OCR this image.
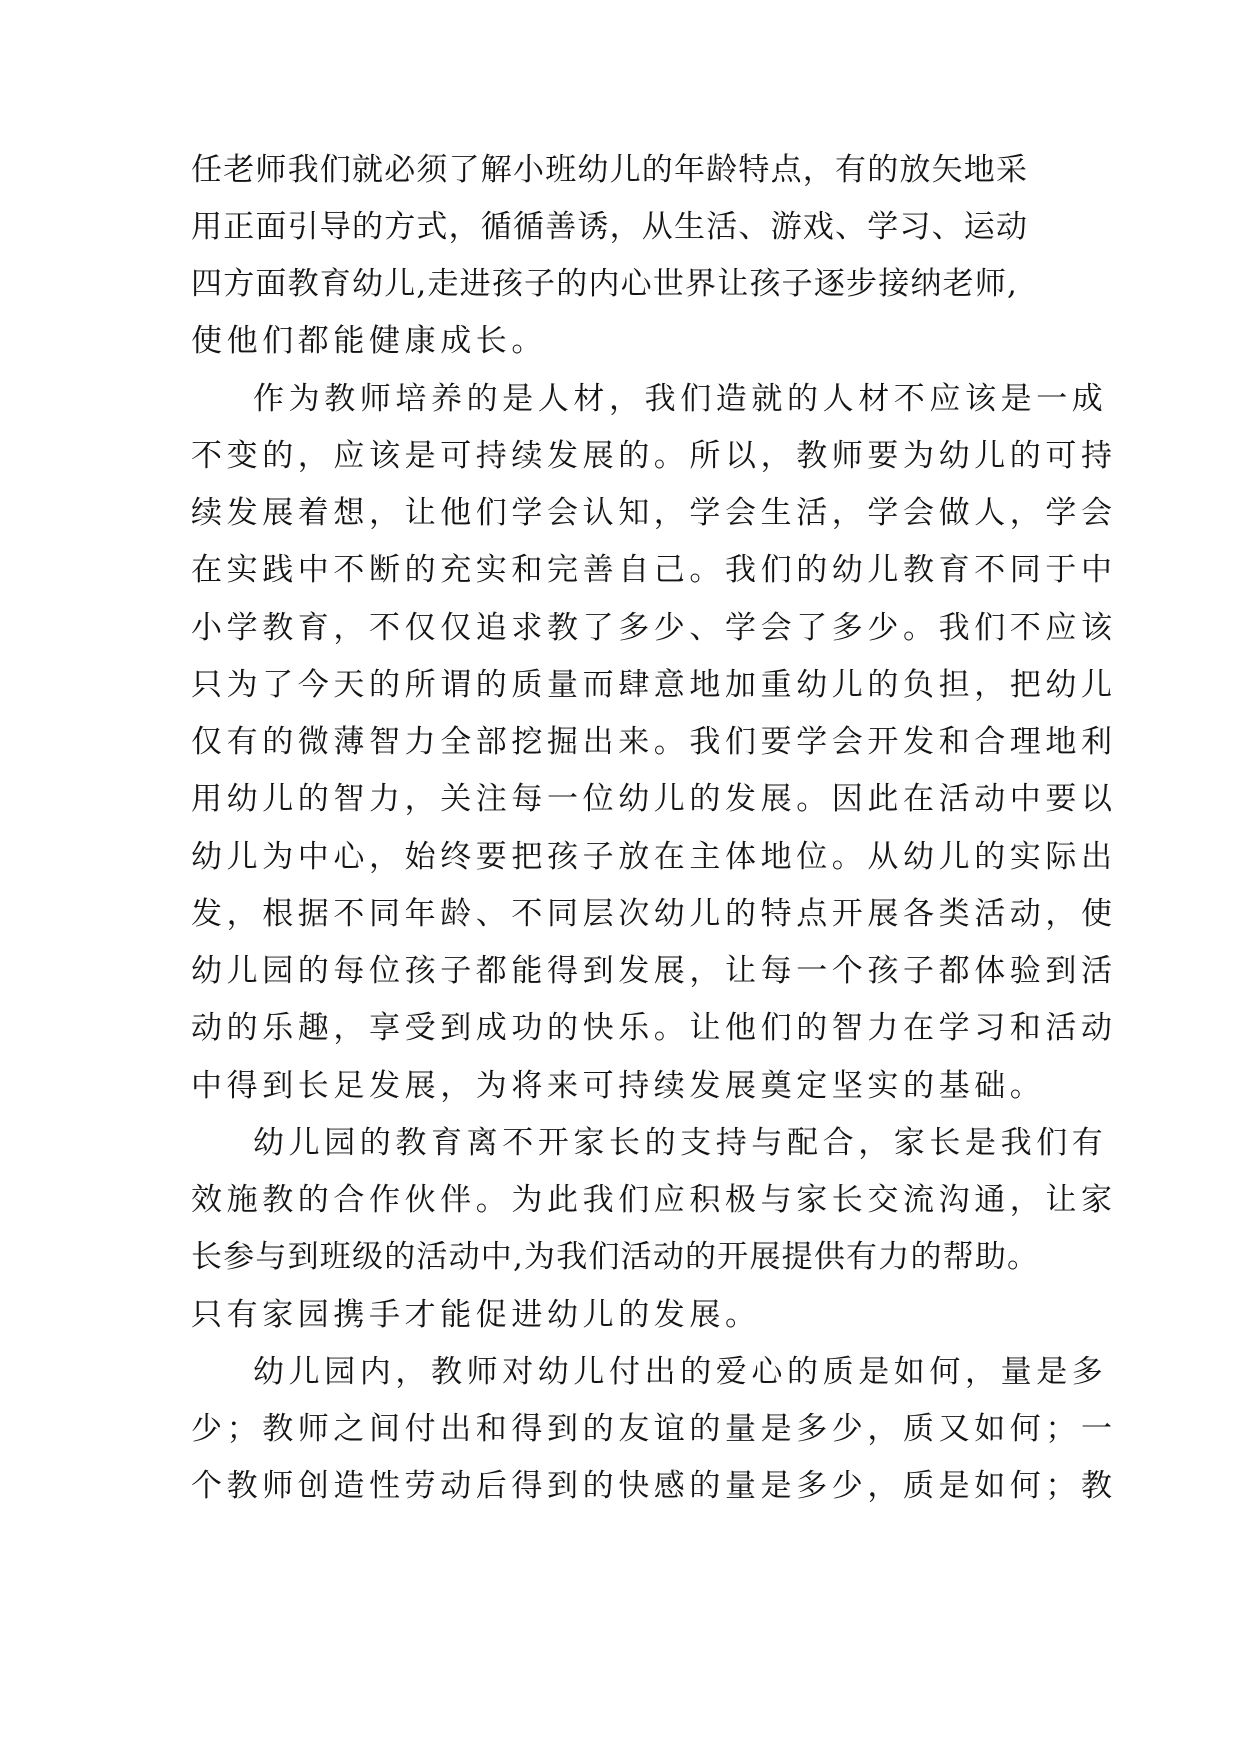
任老师我们就必须了解小班幼儿的年龄特点，有的放矢地采

用正面引导的方式，循循善诱，从生活、游戏、学习、运动

四方面教育幼儿,走进孩子的内心世界让孩子逐步接纳老师,

使他们都能健康成长。

作为教师培养的是人材，我们造就的人材不应该是一成

不变的，应该是可持续发展的。所以，教师要为幼儿的可持

续发展着想，让他们学会认知，学会生活，学会做人，学会

在实践中不断的充实和完善自己。我们的幼儿教育不同于中

小学教育，不仅仅追求教了多少、学会了多少。我们不应该

只为了今天的所谓的质量而肆意地加重幼儿的负担，把幼儿

仅有的微薄智力全部挖掘出来。我们要学会开发和合理地利

用幼儿的智力，关注每一位幼儿的发展。因此在活动中要以

幼儿为中心，始终要把孩子放在主体地位。从幼儿的实际出

发，根据不同年龄、不同层次幼儿的特点开展各类活动，使

幼儿园的每位孩子都能得到发展，让每一个孩子都体验到活

动的乐趣，享受到成功的快乐。让他们的智力在学习和活动

中得到长足发展，为将来可持续发展奠定坚实的基础。

幼儿园的教育离不开家长的支持与配合，家长是我们有

效施教的合作伙伴。为此我们应积极与家长交流沟通，让家

长参与到班级的活动中,为我们活动的开展提供有力的帮助。

只有家园携手才能促进幼儿的发展。

幼儿园内，教师对幼儿付出的爱心的质是如何，量是多

少；教师之间付出和得到的友谊的量是多少，质又如何；一

个教师创造性劳动后得到的快感的量是多少，质是如何；教
